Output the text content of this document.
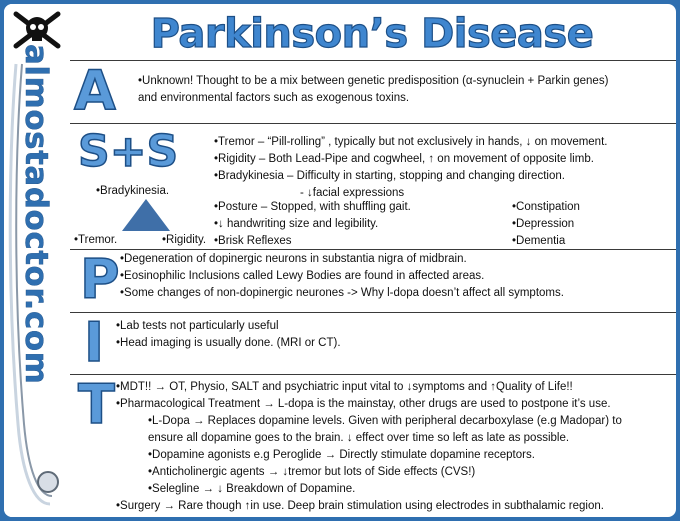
almostadoctor.com
Parkinson’s Disease
A •Unknown! Thought to be a mix between genetic predisposition (α-synuclein + Parkin genes)
and environmental factors such as exogenous toxins.
S+S
•Bradykinesia.
•Tremor.	•Rigidity.
•Tremor – “Pill-rolling” , typically but not exclusively in hands, ↓ on movement.
•Rigidity – Both Lead-Pipe and cogwheel, ↑ on movement of opposite limb.
•Bradykinesia – Difficulty in starting, stopping and changing direction.
- ↓facial expressions
•Posture – Stopped, with shuffling gait.
•↓ handwriting size and legibility.
•Brisk Reflexes
•Constipation
•Depression
•Dementia
P •Degeneration of dopinergic neurons in substantia nigra of midbrain.
•Eosinophilic Inclusions called Lewy Bodies are found in affected areas.
•Some changes of non-dopinergic neurones -> Why l-dopa doesn’t affect all symptoms.
I •Lab tests not particularly useful
•Head imaging is usually done. (MRI or CT).
T •MDT!! → OT, Physio, SALT and psychiatric input vital to ↓symptoms and ↑Quality of Life!!
•Pharmacological Treatment → L-dopa is the mainstay, other drugs are used to postpone it’s use.
•L-Dopa → Replaces dopamine levels. Given with peripheral decarboxylase (e.g Madopar) to
ensure all dopamine goes to the brain. ↓ effect over time so left as late as possible.
•Dopamine agonists e.g Peroglide → Directly stimulate dopamine receptors.
•Anticholinergic agents → ↓tremor but lots of Side effects (CVS!)
•Selegline → ↓ Breakdown of Dopamine.
•Surgery → Rare though ↑in use. Deep brain stimulation using electrodes in subthalamic region.
